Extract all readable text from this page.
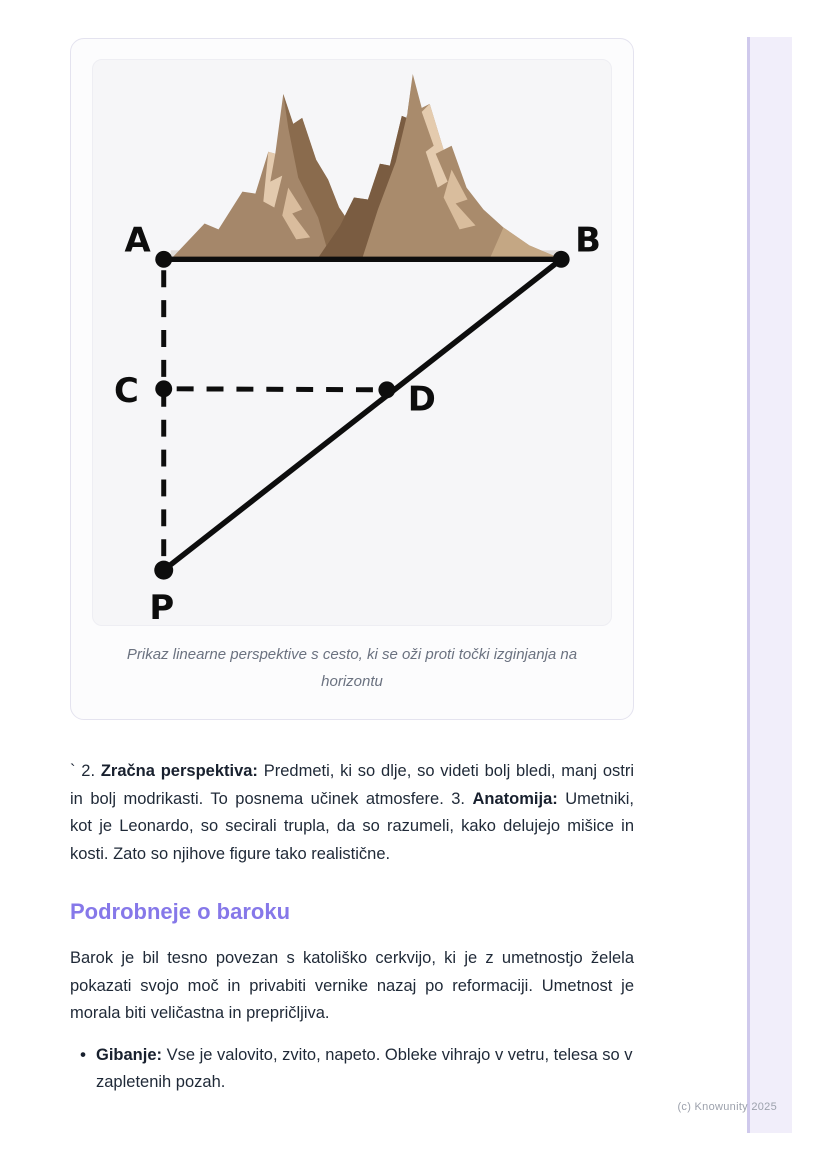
A	B
C	D
P
Prikaz linearne perspektive s cesto, ki se oži proti točki izginjanja na horizontu

` 2. Zračna perspektiva: Predmeti, ki so dlje, so videti bolj bledi, manj ostri in bolj modrikasti. To posnema učinek atmosfere. 3. Anatomija: Umetniki, kot je Leonardo, so secirali trupla, da so razumeli, kako delujejo mišice in kosti. Zato so njihove figure tako realistične.

Podrobneje o baroku

Barok je bil tesno povezan s katoliško cerkvijo, ki je z umetnostjo želela pokazati svojo moč in privabiti vernike nazaj po reformaciji. Umetnost je morala biti veličastna in prepričljiva.

• Gibanje: Vse je valovito, zvito, napeto. Obleke vihrajo v vetru, telesa so v zapletenih pozah.
(c) Knowunity 2025
